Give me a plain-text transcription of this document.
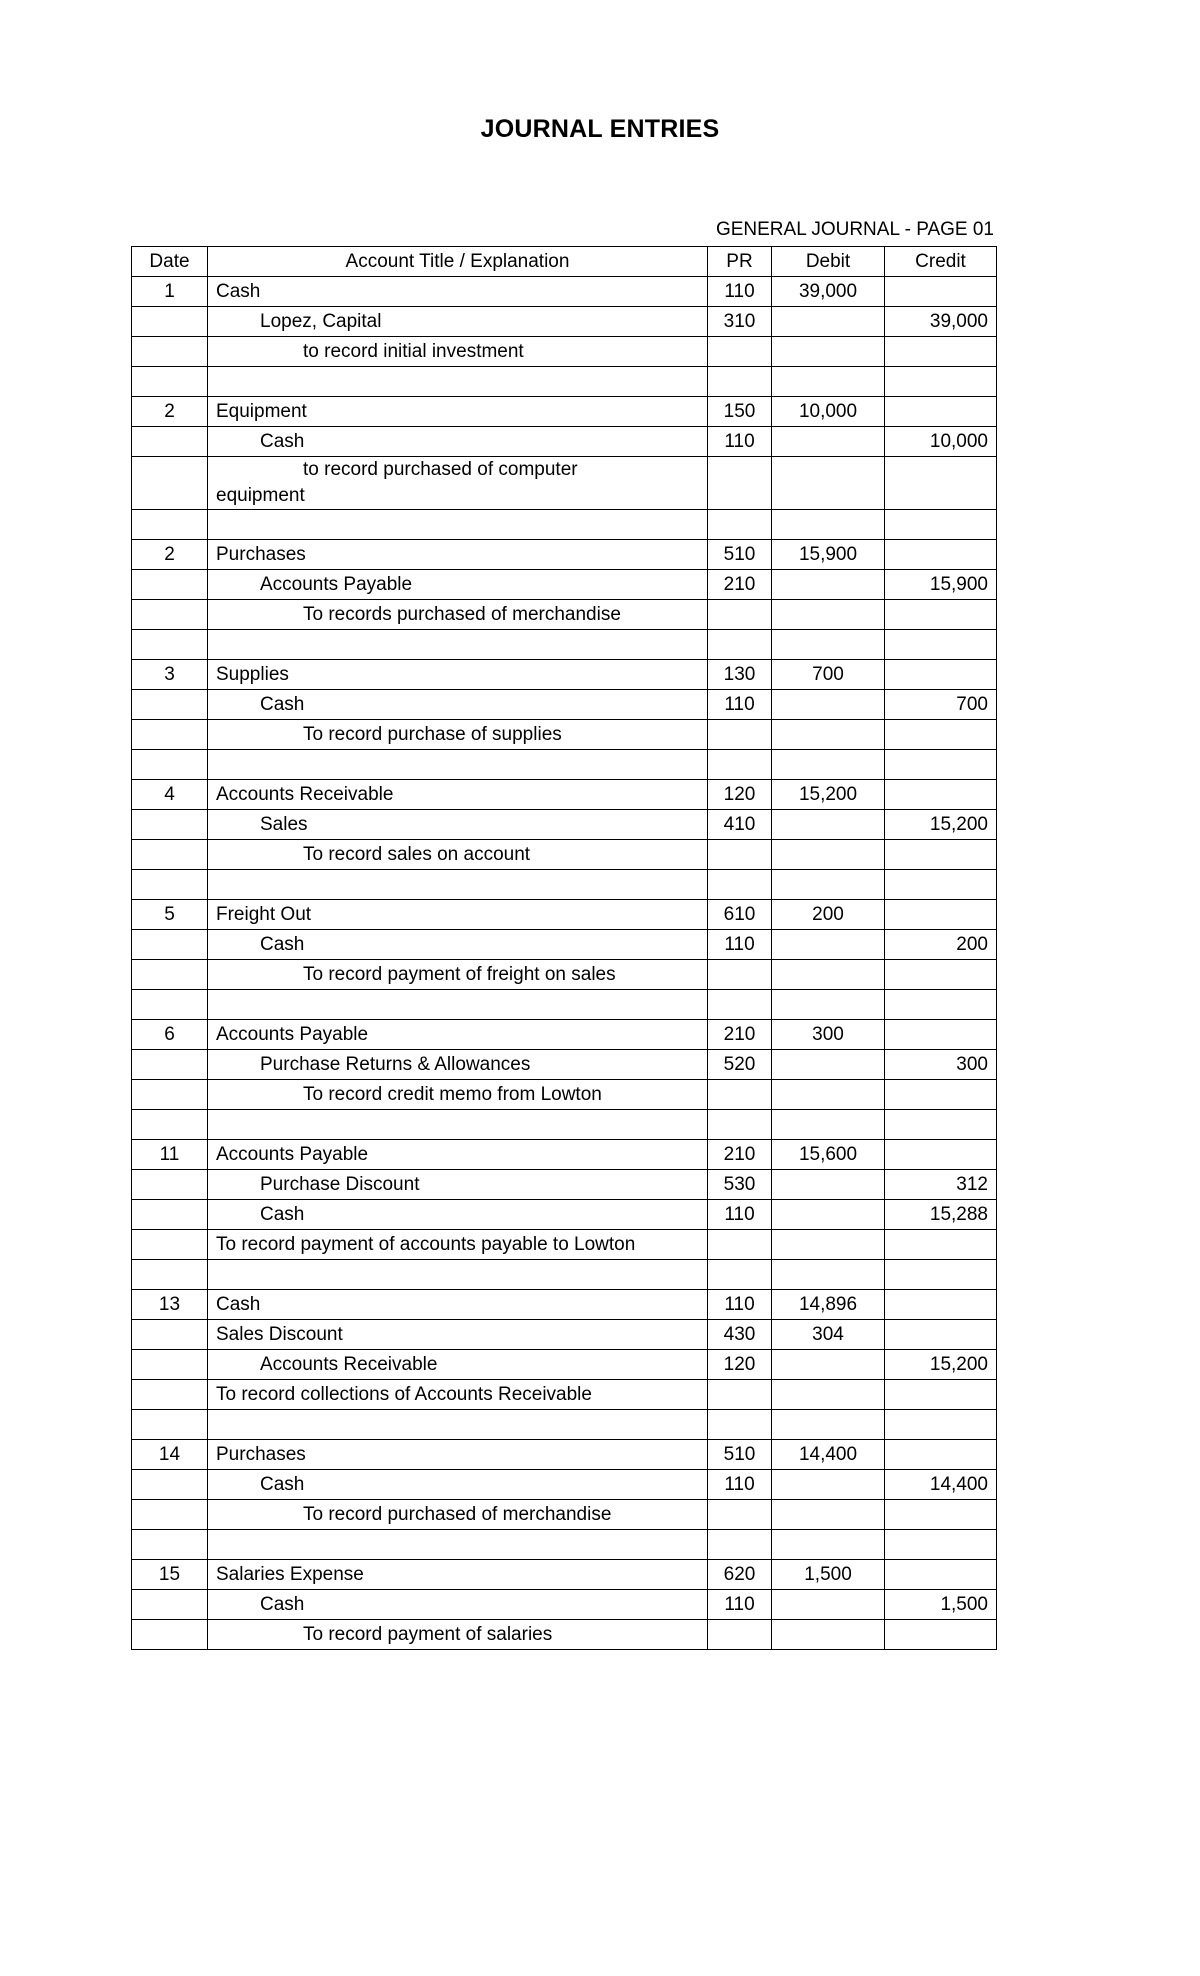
JOURNAL ENTRIES
GENERAL JOURNAL - PAGE 01
Date	Account Title / Explanation	PR	Debit	Credit
1	Cash	110	39,000	
	Lopez, Capital	310		39,000
	to record initial investment			

2	Equipment	150	10,000	
	Cash	110		10,000

	to record purchased of computer
equipment			

2	Purchases	510	15,900	
	Accounts Payable	210		15,900
	To records purchased of merchandise			

3	Supplies	130	700	
	Cash	110		700
	To record purchase of supplies			

4	Accounts Receivable	120	15,200	
	Sales	410		15,200
	To record sales on account			

5	Freight Out	610	200	
	Cash	110		200
	To record payment of freight on sales			

6	Accounts Payable	210	300	
	Purchase Returns & Allowances	520		300
	To record credit memo from Lowton			

11	Accounts Payable	210	15,600	
	Purchase Discount	530		312
	Cash	110		15,288
	To record payment of accounts payable to Lowton			

13	Cash	110	14,896	
	Sales Discount	430	304	
	Accounts Receivable	120		15,200
	To record collections of Accounts Receivable			

14	Purchases	510	14,400	
	Cash	110		14,400
	To record purchased of merchandise			

15	Salaries Expense	620	1,500	
	Cash	110		1,500
	To record payment of salaries			
